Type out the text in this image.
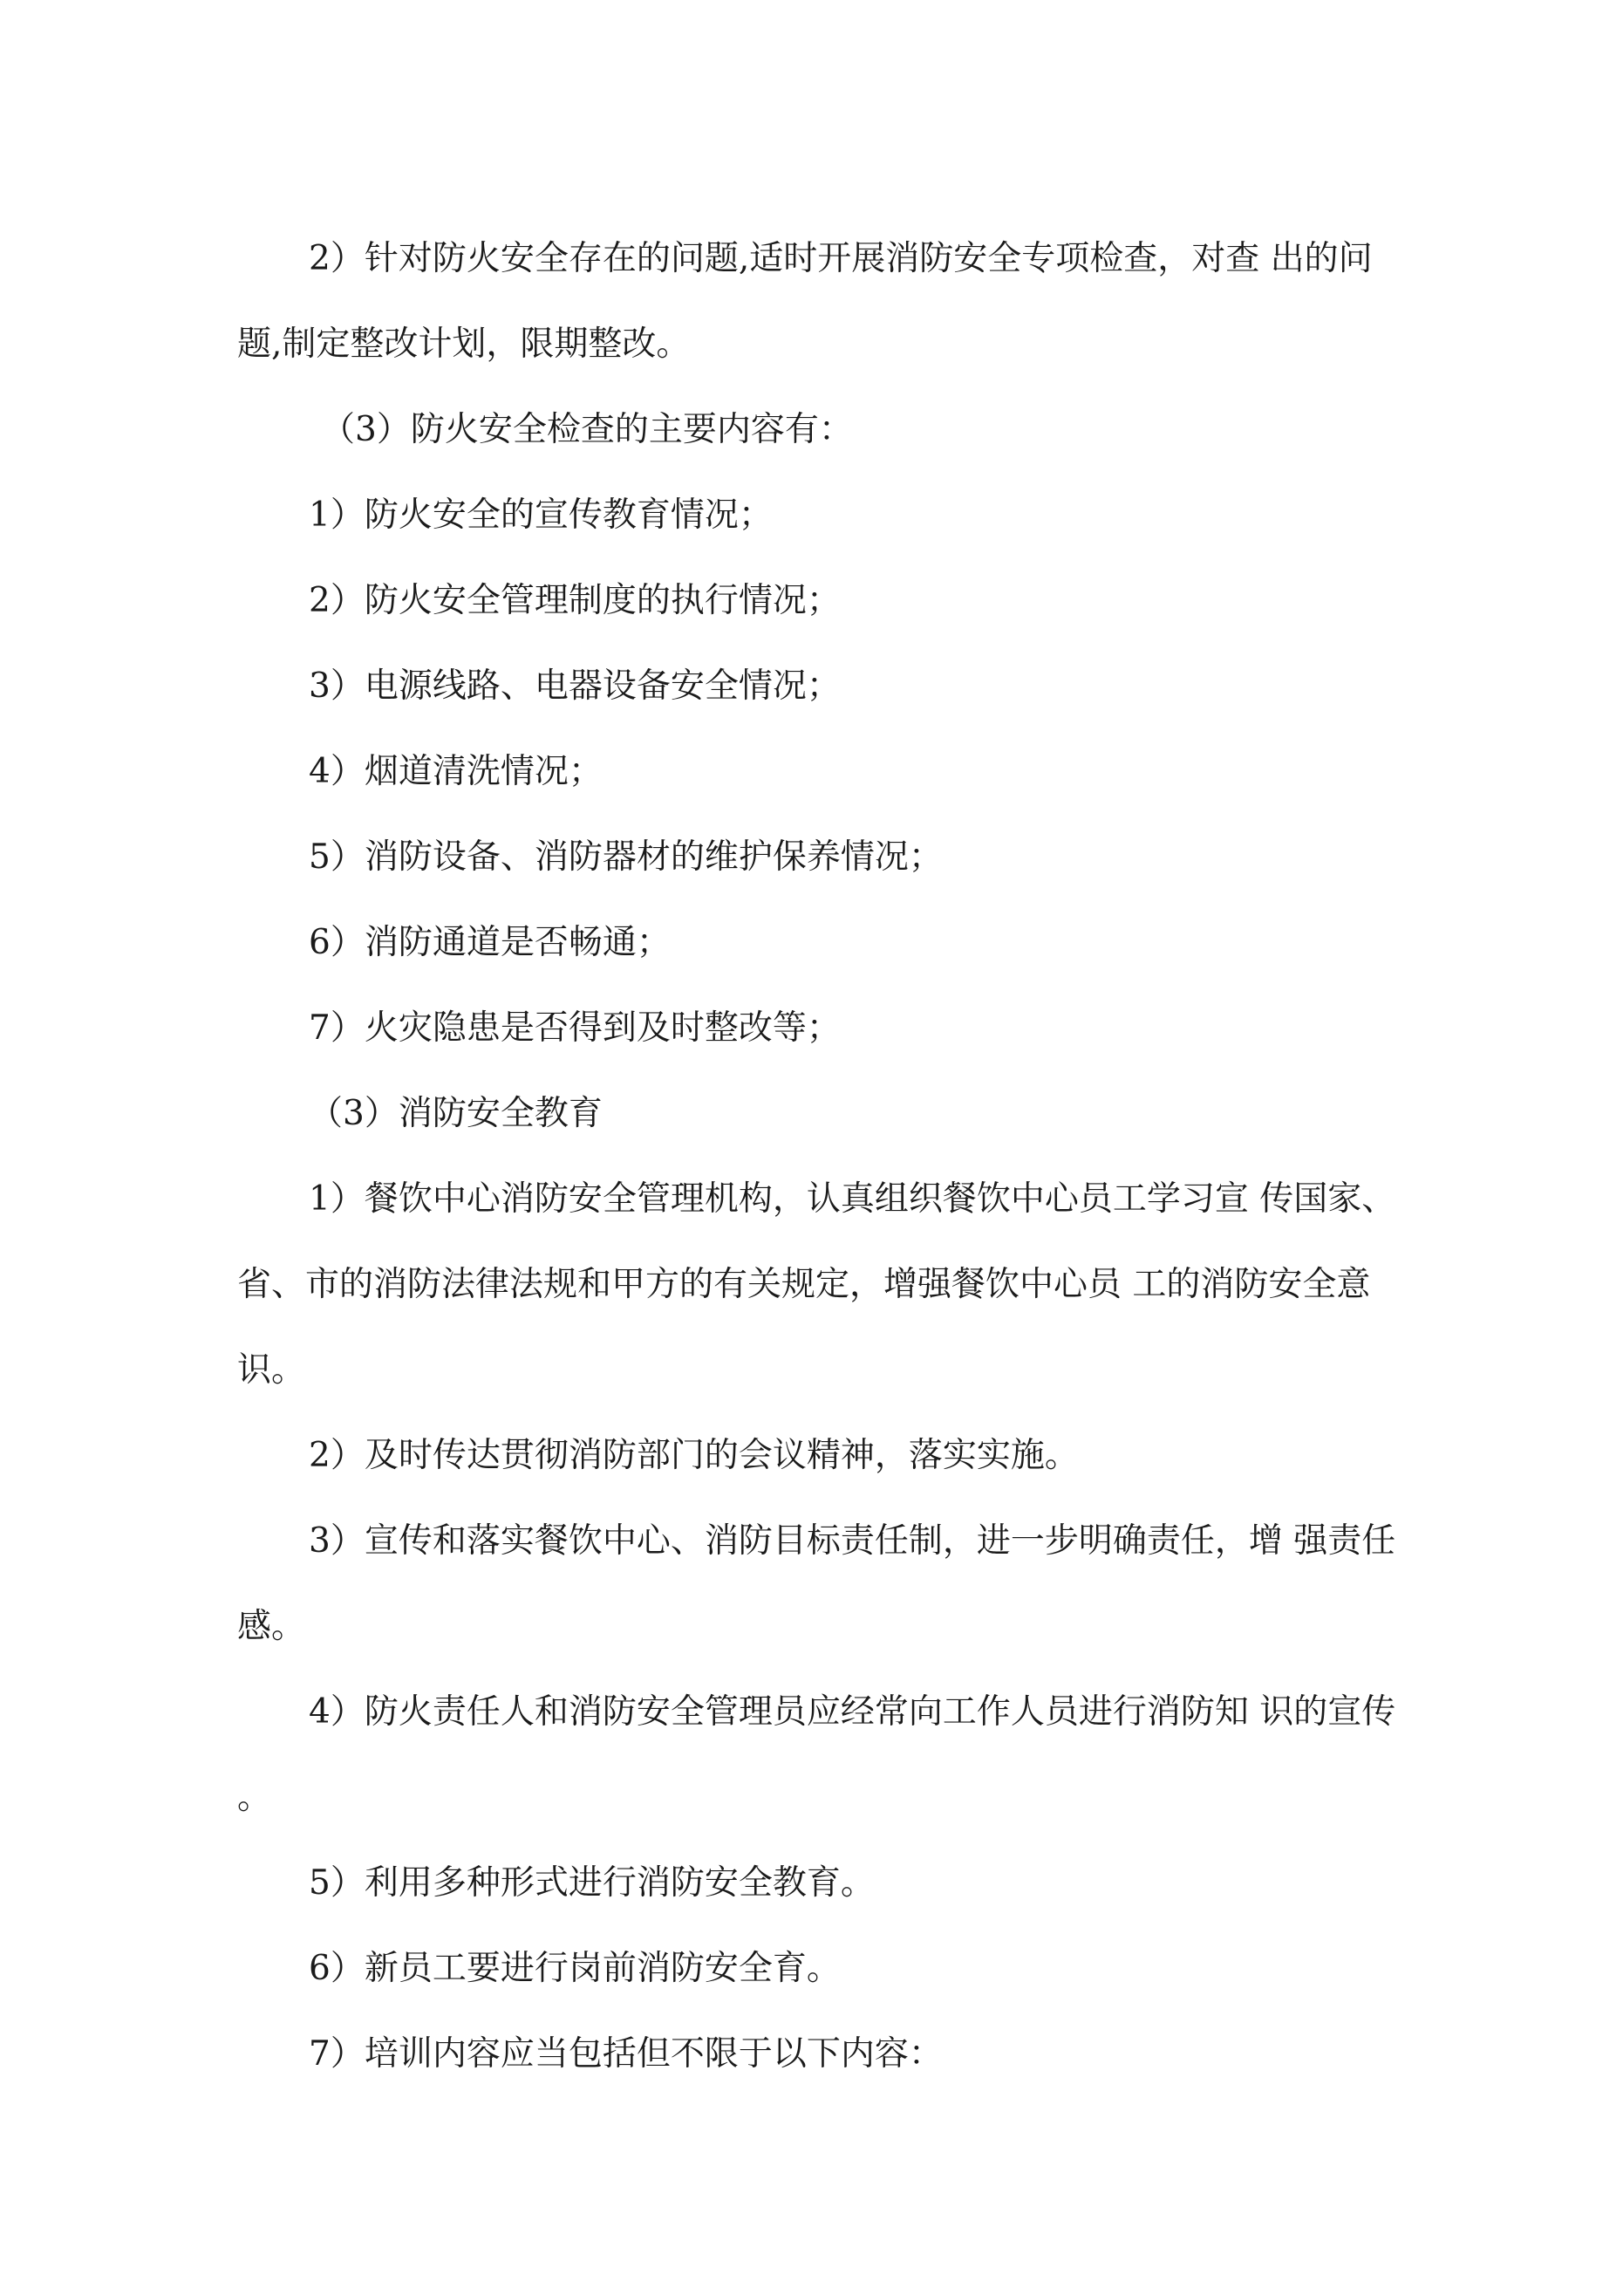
2）针对防火安全存在的问题,适时开展消防安全专项检查，对查 出的问
题,制定整改计划，限期整改。
（3）防火安全检查的主要内容有：
1）防火安全的宣传教育情况；
2）防火安全管理制度的执行情况；
3）电源线路、电器设备安全情况；
4）烟道清洗情况；
5）消防设备、消防器材的维护保养情况；
6）消防通道是否畅通；
7）火灾隐患是否得到及时整改等；
（3）消防安全教育
1）餐饮中心消防安全管理机构，认真组织餐饮中心员工学习宣 传国家、
省、市的消防法律法规和甲方的有关规定，增强餐饮中心员 工的消防安全意
识。
2）及时传达贯彻消防部门的会议精神，落实实施。
3）宣传和落实餐饮中心、消防目标责任制，进一步明确责任，增 强责任
感。
4）防火责任人和消防安全管理员应经常向工作人员进行消防知 识的宣传
。
5）利用多种形式进行消防安全教育。
6）新员工要进行岗前消防安全育。
7）培训内容应当包括但不限于以下内容：
